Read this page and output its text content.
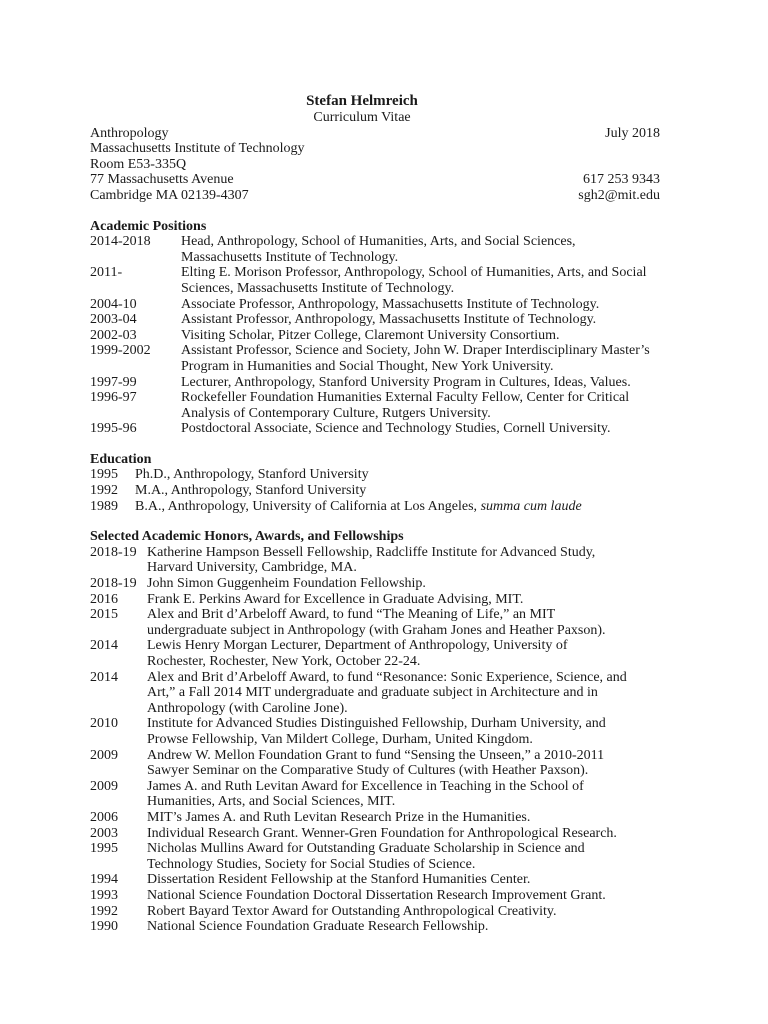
Stefan Helmreich
Curriculum Vitae
Anthropology	July 2018
Massachusetts Institute of Technology
Room E53-335Q
77 Massachusetts Avenue	617 253 9343
Cambridge MA 02139-4307	sgh2@mit.edu
Academic Positions
2014-2018	Head, Anthropology, School of Humanities, Arts, and Social Sciences,
Massachusetts Institute of Technology.
2011-	Elting E. Morison Professor, Anthropology, School of Humanities, Arts, and Social
Sciences, Massachusetts Institute of Technology.
2004-10	Associate Professor, Anthropology, Massachusetts Institute of Technology.
2003-04	Assistant Professor, Anthropology, Massachusetts Institute of Technology.
2002-03	Visiting Scholar, Pitzer College, Claremont University Consortium.
1999-2002	Assistant Professor, Science and Society, John W. Draper Interdisciplinary Master’s
Program in Humanities and Social Thought, New York University.
1997-99	Lecturer, Anthropology, Stanford University Program in Cultures, Ideas, Values.
1996-97	Rockefeller Foundation Humanities External Faculty Fellow, Center for Critical
Analysis of Contemporary Culture, Rutgers University.
1995-96	Postdoctoral Associate, Science and Technology Studies, Cornell University.
Education
1995	Ph.D., Anthropology, Stanford University
1992	M.A., Anthropology, Stanford University
1989	B.A., Anthropology, University of California at Los Angeles, summa cum laude
Selected Academic Honors, Awards, and Fellowships
2018-19 Katherine Hampson Bessell Fellowship, Radcliffe Institute for Advanced Study,
Harvard University, Cambridge, MA.
2018-19 John Simon Guggenheim Foundation Fellowship.
2016	Frank E. Perkins Award for Excellence in Graduate Advising, MIT.
2015	Alex and Brit d’Arbeloff Award, to fund “The Meaning of Life,” an MIT
undergraduate subject in Anthropology (with Graham Jones and Heather Paxson).
2014	Lewis Henry Morgan Lecturer, Department of Anthropology, University of
Rochester, Rochester, New York, October 22-24.
2014	Alex and Brit d’Arbeloff Award, to fund “Resonance: Sonic Experience, Science, and
Art,” a Fall 2014 MIT undergraduate and graduate subject in Architecture and in
Anthropology (with Caroline Jone).
2010	Institute for Advanced Studies Distinguished Fellowship, Durham University, and
Prowse Fellowship, Van Mildert College, Durham, United Kingdom.
2009	Andrew W. Mellon Foundation Grant to fund “Sensing the Unseen,” a 2010-2011
Sawyer Seminar on the Comparative Study of Cultures (with Heather Paxson).
2009	James A. and Ruth Levitan Award for Excellence in Teaching in the School of
Humanities, Arts, and Social Sciences, MIT.
2006	MIT’s James A. and Ruth Levitan Research Prize in the Humanities.
2003	Individual Research Grant. Wenner-Gren Foundation for Anthropological Research.
1995	Nicholas Mullins Award for Outstanding Graduate Scholarship in Science and
Technology Studies, Society for Social Studies of Science.
1994	Dissertation Resident Fellowship at the Stanford Humanities Center.
1993	National Science Foundation Doctoral Dissertation Research Improvement Grant.
1992	Robert Bayard Textor Award for Outstanding Anthropological Creativity.
1990	National Science Foundation Graduate Research Fellowship.
